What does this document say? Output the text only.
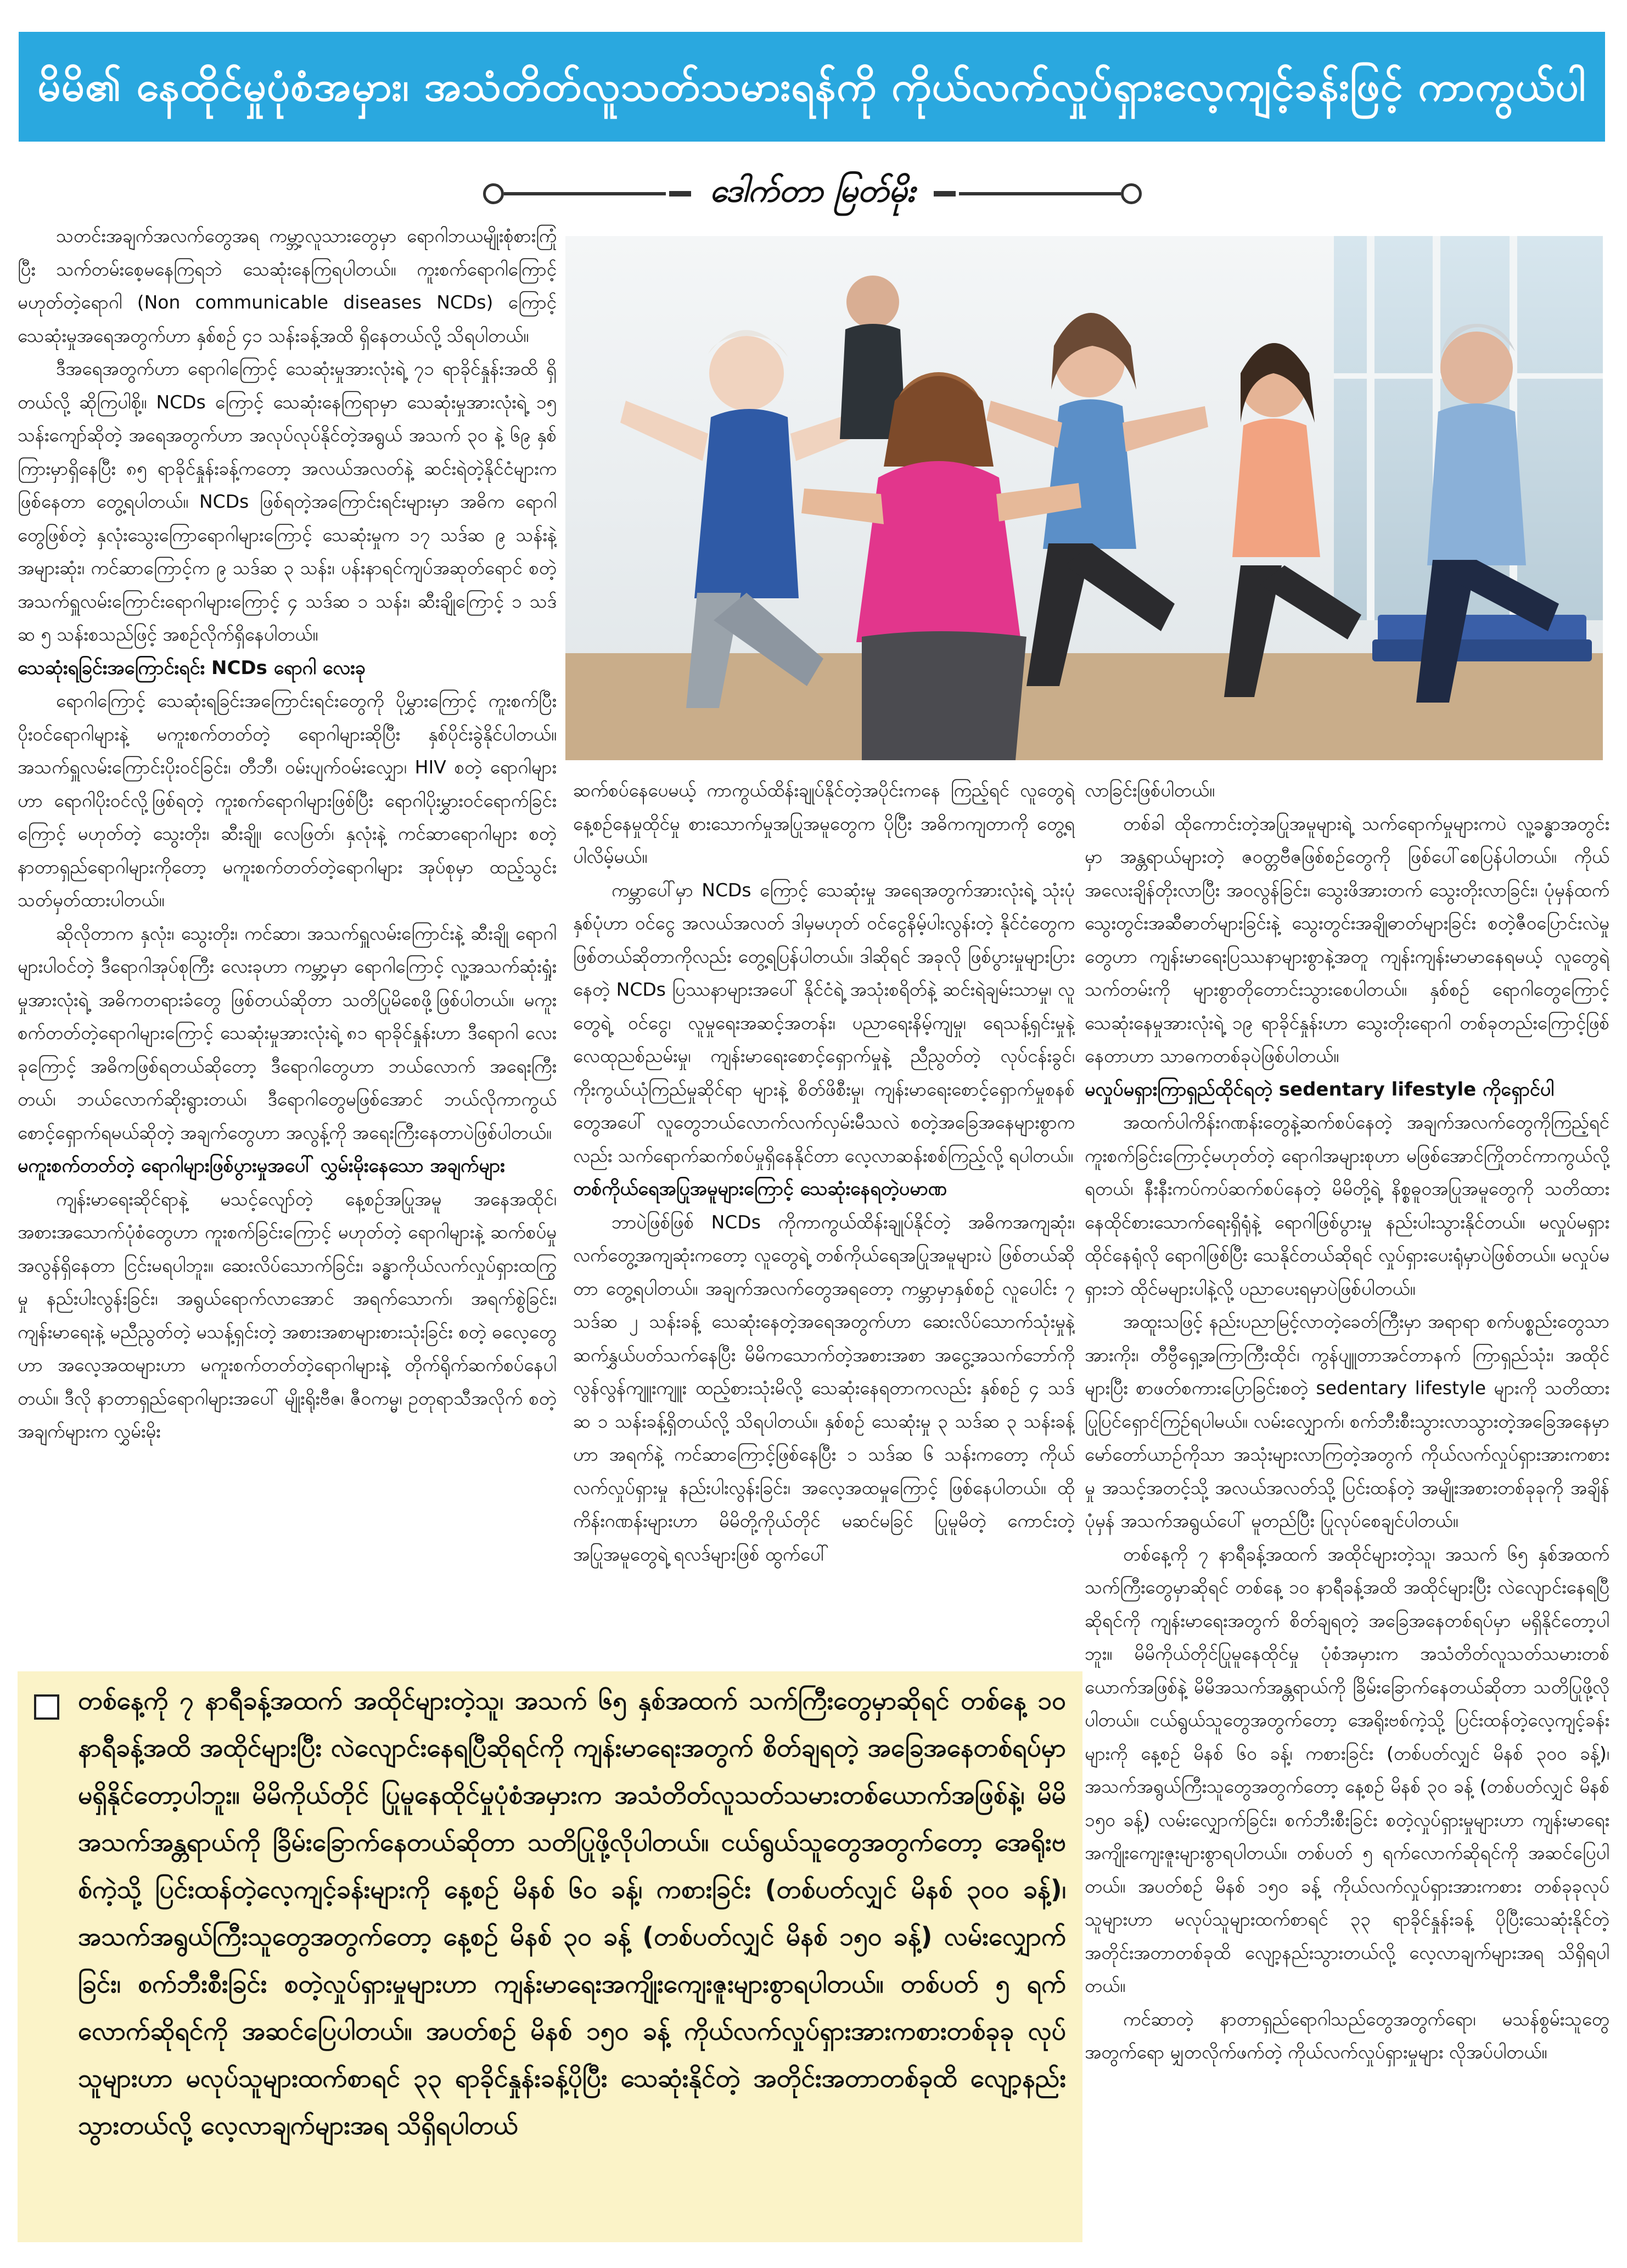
မိမိ၏ နေထိုင်မှုပုံစံအမှား၊ အသံတိတ်လူသတ်သမားရန်ကို ကိုယ်လက်လှုပ်ရှားလေ့ကျင့်ခန်းဖြင့် ကာကွယ်ပါ
ဒေါက်တာ မြတ်မိုး

သတင်းအချက်အလက်တွေအရ ကမ္ဘာ့လူသားတွေမှာ ရောဂါဘယမျိုးစုံစားကြုံပြီး သက်တမ်းစေ့မနေကြရဘဲ သေဆုံးနေကြရပါတယ်။ ကူးစက်ရောဂါကြောင့် မဟုတ်တဲ့ရောဂါ (Non communicable diseases NCDs) ကြောင့် သေဆုံးမှုအရေအတွက်ဟာ နှစ်စဉ် ၄၁ သန်းခန့်အထိ ရှိနေတယ်လို့ သိရပါတယ်။

ဒီအရေအတွက်ဟာ ရောဂါကြောင့် သေဆုံးမှုအားလုံးရဲ့ ၇၁ ရာခိုင်နှုန်းအထိ ရှိတယ်လို့ ဆိုကြပါစို့။ NCDs ကြောင့် သေဆုံးနေကြရာမှာ သေဆုံးမှုအားလုံးရဲ့ ၁၅ သန်းကျော်ဆိုတဲ့ အရေအတွက်ဟာ အလုပ်လုပ်နိုင်တဲ့အရွယ် အသက် ၃၀ နဲ့ ၆၉ နှစ်ကြားမှာရှိနေပြီး ၈၅ ရာခိုင်နှုန်းခန့်ကတော့ အလယ်အလတ်နဲ့ ဆင်းရဲတဲ့နိုင်ငံများက ဖြစ်နေတာ တွေ့ရပါတယ်။ NCDs ဖြစ်ရတဲ့အကြောင်းရင်းများမှာ အဓိက ရောဂါတွေဖြစ်တဲ့ နှလုံးသွေးကြောရောဂါများကြောင့် သေဆုံးမှုက ၁၇ သဒ်ဆ ၉ သန်းနဲ့အများဆုံး၊ ကင်ဆာကြောင့်က ၉ သဒ်ဆ ၃ သန်း၊ ပန်းနာရင်ကျပ်အဆုတ်ရောင် စတဲ့အသက်ရှူလမ်းကြောင်းရောဂါများကြောင့် ၄ သဒ်ဆ ၁ သန်း၊ ဆီးချိုကြောင့် ၁ သဒ်ဆ ၅ သန်းစသည်ဖြင့် အစဉ်လိုက်ရှိနေပါတယ်။

သေဆုံးရခြင်းအကြောင်းရင်း NCDs ရောဂါ လေးခု

ရောဂါကြောင့် သေဆုံးရခြင်းအကြောင်းရင်းတွေကို ပိုမွှားကြောင့် ကူးစက်ပြီး ပိုးဝင်ရောဂါများနဲ့ မကူးစက်တတ်တဲ့ ရောဂါများဆိုပြီး နှစ်ပိုင်းခွဲနိုင်ပါတယ်။ အသက်ရှူလမ်းကြောင်းပိုးဝင်ခြင်း၊ တီဘီ၊ ဝမ်းပျက်ဝမ်းလျှော၊ HIV စတဲ့ ရောဂါများဟာ ရောဂါပိုးဝင်လို့ဖြစ်ရတဲ့ ကူးစက်ရောဂါများဖြစ်ပြီး ရောဂါပိုးမွှားဝင်ရောက်ခြင်းကြောင့် မဟုတ်တဲ့ သွေးတိုး၊ ဆီးချို၊ လေဖြတ်၊ နှလုံးနဲ့ ကင်ဆာရောဂါများ စတဲ့ နာတာရှည်ရောဂါများကိုတော့ မကူးစက်တတ်တဲ့ရောဂါများ အုပ်စုမှာ ထည့်သွင်းသတ်မှတ်ထားပါတယ်။

ဆိုလိုတာက နှလုံး၊ သွေးတိုး၊ ကင်ဆာ၊ အသက်ရှူလမ်းကြောင်းနဲ့ ဆီးချို ရောဂါများပါဝင်တဲ့ ဒီရောဂါအုပ်စုကြီး လေးခုဟာ ကမ္ဘာ့မှာ ရောဂါကြောင့် လူ့အသက်ဆုံးရှုံးမှုအားလုံးရဲ့ အဓိကတရားခံတွေ ဖြစ်တယ်ဆိုတာ သတိပြုမိစေဖို့ဖြစ်ပါတယ်။ မကူးစက်တတ်တဲ့ရောဂါများကြောင့် သေဆုံးမှုအားလုံးရဲ့ ၈၁ ရာခိုင်နှုန်းဟာ ဒီရောဂါ လေးခုကြောင့် အဓိကဖြစ်ရတယ်ဆိုတော့ ဒီရောဂါတွေဟာ ဘယ်လောက် အရေးကြီးတယ်၊ ဘယ်လောက်ဆိုးရွားတယ်၊ ဒီရောဂါတွေမဖြစ်အောင် ဘယ်လိုကာကွယ်စောင့်ရှောက်ရမယ်ဆိုတဲ့ အချက်တွေဟာ အလွန့်ကို အရေးကြီးနေတာပဲဖြစ်ပါတယ်။

မကူးစက်တတ်တဲ့ ရောဂါများဖြစ်ပွားမှုအပေါ် လွှမ်းမိုးနေသော အချက်များ

ကျန်းမာရေးဆိုင်ရာနဲ့ မသင့်လျော်တဲ့ နေ့စဉ်အပြုအမူ အနေအထိုင်၊ အစားအသောက်ပုံစံတွေဟာ ကူးစက်ခြင်းကြောင့် မဟုတ်တဲ့ ရောဂါများနဲ့ ဆက်စပ်မှုအလွန်ရှိနေတာ ငြင်းမရပါဘူး။ ဆေးလိပ်သောက်ခြင်း၊ ခန္ဓာကိုယ်လက်လှုပ်ရှားထကြွမှု နည်းပါးလွန်းခြင်း၊ အရွယ်ရောက်လာအောင် အရက်သောက်၊ အရက်စွဲခြင်း၊ ကျန်းမာရေးနဲ့ မညီညွတ်တဲ့ မသန့်ရှင်းတဲ့ အစားအစာများစားသုံးခြင်း စတဲ့ ဓလေ့တွေဟာ အလေ့အထများဟာ မကူးစက်တတ်တဲ့ရောဂါများနဲ့ တိုက်ရိုက်ဆက်စပ်နေပါတယ်။ ဒီလို နာတာရှည်ရောဂါများအပေါ် မျိုးရိုးဗီဇ၊ ဇီဝကမ္မ၊ ဥတုရာသီအလိုက် စတဲ့အချက်များက လွှမ်းမိုး

ဆက်စပ်နေပေမယ့် ကာကွယ်ထိန်းချုပ်နိုင်တဲ့အပိုင်းကနေ ကြည့်ရင် လူတွေရဲ့ နေ့စဉ်နေမှုထိုင်မှု စားသောက်မှုအပြုအမူတွေက ပိုပြီး အဓိကကျတာကို တွေ့ရပါလိမ့်မယ်။

ကမ္ဘာပေါ်မှာ NCDs ကြောင့် သေဆုံးမှု အရေအတွက်အားလုံးရဲ့ သုံးပုံနှစ်ပုံဟာ ဝင်ငွေ အလယ်အလတ် ဒါမှမဟုတ် ဝင်ငွေနိမ့်ပါးလွန်းတဲ့ နိုင်ငံတွေက ဖြစ်တယ်ဆိုတာကိုလည်း တွေ့ရပြန်ပါတယ်။ ဒါဆိုရင် အခုလို ဖြစ်ပွားမှုများပြားနေတဲ့ NCDs ပြဿနာများအပေါ် နိုင်ငံရဲ့ အသုံးစရိတ်နဲ့ ဆင်းရဲချမ်းသာမှု၊ လူတွေရဲ့ ဝင်ငွေ၊ လူမှုရေးအဆင့်အတန်း၊ ပညာရေးနိမ့်ကျမှု၊ ရေသန့်ရှင်းမှုနဲ့ လေထုညစ်ညမ်းမှု၊ ကျန်းမာရေးစောင့်ရှောက်မှုနဲ့ ညီညွတ်တဲ့ လုပ်ငန်းခွင်၊ ကိုးကွယ်ယုံကြည်မှုဆိုင်ရာ များနဲ့ စိတ်ဖိစီးမှု၊ ကျန်းမာရေးစောင့်ရှောက်မှုစနစ်တွေအပေါ် လူတွေဘယ်လောက်လက်လှမ်းမီသလဲ စတဲ့အခြေအနေများစွာကလည်း သက်ရောက်ဆက်စပ်မှုရှိနေနိုင်တာ လေ့လာဆန်းစစ်ကြည့်လို့ ရပါတယ်။

တစ်ကိုယ်ရေအပြုအမူများကြောင့် သေဆုံးနေရတဲ့ပမာဏ

ဘာပဲဖြစ်ဖြစ် NCDs ကိုကာကွယ်ထိန်းချုပ်နိုင်တဲ့ အဓိကအကျဆုံး၊ လက်တွေ့အကျဆုံးကတော့ လူတွေရဲ့ တစ်ကိုယ်ရေအပြုအမူများပဲ ဖြစ်တယ်ဆိုတာ တွေ့ရပါတယ်။ အချက်အလက်တွေအရတော့ ကမ္ဘာမှာနှစ်စဉ် လူပေါင်း ၇ သဒ်ဆ ၂ သန်းခန့် သေဆုံးနေတဲ့အရေအတွက်ဟာ ဆေးလိပ်သောက်သုံးမှုနဲ့ ဆက်နွှယ်ပတ်သက်နေပြီး မိမိကသောက်တဲ့အစားအစာ အငွေ့အသက်ဘော်ကို လွန်လွန်ကျူးကျူး ထည့်စားသုံးမိလို့ သေဆုံးနေရတာကလည်း နှစ်စဉ် ၄ သဒ်ဆ ၁ သန်းခန့်ရှိတယ်လို့ သိရပါတယ်။ နှစ်စဉ် သေဆုံးမှု ၃ သဒ်ဆ ၃ သန်းခန့်ဟာ အရက်နဲ့ ကင်ဆာကြောင့်ဖြစ်နေပြီး ၁ သဒ်ဆ ၆ သန်းကတော့ ကိုယ်လက်လှုပ်ရှားမှု နည်းပါးလွန်းခြင်း၊ အလေ့အထမှုကြောင့် ဖြစ်နေပါတယ်။ ထိုကိန်းဂဏန်းများဟာ မိမိတို့ကိုယ်တိုင် မဆင်မခြင် ပြုမူမိတဲ့ ကောင်းတဲ့ အပြုအမူတွေရဲ့ ရလဒ်များဖြစ် ထွက်ပေါ်

လာခြင်းဖြစ်ပါတယ်။

တစ်ခါ ထိုကောင်းတဲ့အပြုအမူများရဲ့ သက်ရောက်မှုများကပဲ လူ့ခန္ဓာအတွင်းမှာ အန္တရာယ်များတဲ့ ဇဝတ္တဗီဇဖြစ်စဉ်တွေကို ဖြစ်ပေါ်စေပြန်ပါတယ်။ ကိုယ်အလေးချိန်တိုးလာပြီး အဝလွန်ခြင်း၊ သွေးဖိအားတက် သွေးတိုးလာခြင်း၊ ပုံမှန်ထက် သွေးတွင်းအဆီဓာတ်များခြင်းနဲ့ သွေးတွင်းအချိုဓာတ်များခြင်း စတဲ့ဇီဝပြောင်းလဲမှုတွေဟာ ကျန်းမာရေးပြဿနာများစွာနဲ့အတူ ကျန်းကျန်းမာမာနေရမယ့် လူတွေရဲ့ သက်တမ်းကို များစွာတိုတောင်းသွားစေပါတယ်။ နှစ်စဉ် ရောဂါတွေကြောင့် သေဆုံးနေမှုအားလုံးရဲ့ ၁၉ ရာခိုင်နှုန်းဟာ သွေးတိုးရောဂါ တစ်ခုတည်းကြောင့်ဖြစ်နေတာဟာ သာဓကတစ်ခုပဲဖြစ်ပါတယ်။

မလှုပ်မရှားကြာရှည်ထိုင်ရတဲ့ sedentary lifestyle ကိုရှောင်ပါ

အထက်ပါကိန်းဂဏန်းတွေနဲ့ဆက်စပ်နေတဲ့ အချက်အလက်တွေကိုကြည့်ရင် ကူးစက်ခြင်းကြောင့်မဟုတ်တဲ့ ရောဂါအများစုဟာ မဖြစ်အောင်ကြိုတင်ကာကွယ်လို့ရတယ်၊ နီးနီးကပ်ကပ်ဆက်စပ်နေတဲ့ မိမိတို့ရဲ့ နိစ္စဓူဝအပြုအမူတွေကို သတိထားနေထိုင်စားသောက်ရေးရှိရုံနဲ့ ရောဂါဖြစ်ပွားမှု နည်းပါးသွားနိုင်တယ်။ မလှုပ်မရှားထိုင်နေရုံလို ရောဂါဖြစ်ပြီး သေနိုင်တယ်ဆိုရင် လှုပ်ရှားပေးရုံမှာပဲဖြစ်တယ်။ မလှုပ်မရှားဘဲ ထိုင်မများပါနဲ့လို့ ပညာပေးရမှာပဲဖြစ်ပါတယ်။

အထူးသဖြင့် နည်းပညာမြင့်လာတဲ့ခေတ်ကြီးမှာ အရာရာ စက်ပစ္စည်းတွေသာအားကိုး၊ တီဗွီရှေ့အကြာကြီးထိုင်၊ ကွန်ပျူတာအင်တာနက် ကြာရှည်သုံး၊ အထိုင်များပြီး စာဖတ်စကားပြောခြင်းစတဲ့ sedentary lifestyle များကို သတိထားပြုပြင်ရှောင်ကြဉ်ရပါမယ်။ လမ်းလျှောက်၊ စက်ဘီးစီးသွားလာသွားတဲ့အခြေအနေမှာ မော်တော်ယာဉ်ကိုသာ အသုံးများလာကြတဲ့အတွက် ကိုယ်လက်လှုပ်ရှားအားကစားမှု အသင့်အတင့်သို့ အလယ်အလတ်သို့ ပြင်းထန်တဲ့ အမျိုးအစားတစ်ခုခုကို အချိန်ပုံမှန် အသက်အရွယ်ပေါ် မူတည်ပြီး ပြုလုပ်စေချင်ပါတယ်။

တစ်နေ့ကို ၇ နာရီခန့်အထက် အထိုင်များတဲ့သူ၊ အသက် ၆၅ နှစ်အထက် သက်ကြီးတွေမှာဆိုရင် တစ်နေ့ ၁၀ နာရီခန့်အထိ အထိုင်များပြီး လဲလျောင်းနေရပြီဆိုရင်ကို ကျန်းမာရေးအတွက် စိတ်ချရတဲ့ အခြေအနေတစ်ရပ်မှာ မရှိနိုင်တော့ပါဘူး။ မိမိကိုယ်တိုင်ပြုမူနေထိုင်မှု ပုံစံအမှားက အသံတိတ်လူသတ်သမားတစ်ယောက်အဖြစ်နဲ့ မိမိအသက်အန္တရာယ်ကို ခြိမ်းခြောက်နေတယ်ဆိုတာ သတိပြုဖို့လိုပါတယ်။ ငယ်ရွယ်သူတွေအတွက်တော့ အေရိုးဗစ်ကဲ့သို့ ပြင်းထန်တဲ့လေ့ကျင့်ခန်းများကို နေ့စဉ် မိနစ် ၆၀ ခန့်၊ ကစားခြင်း (တစ်ပတ်လျှင် မိနစ် ၃၀၀ ခန့်)၊ အသက်အရွယ်ကြီးသူတွေအတွက်တော့ နေ့စဉ် မိနစ် ၃၀ ခန့် (တစ်ပတ်လျှင် မိနစ် ၁၅၀ ခန့်) လမ်းလျှောက်ခြင်း၊ စက်ဘီးစီးခြင်း စတဲ့လှုပ်ရှားမှုများဟာ ကျန်းမာရေးအကျိုးကျေးဇူးများစွာရပါတယ်။ တစ်ပတ် ၅ ရက်လောက်ဆိုရင်ကို အဆင်ပြေပါတယ်။ အပတ်စဉ် မိနစ် ၁၅၀ ခန့် ကိုယ်လက်လှုပ်ရှားအားကစား တစ်ခုခုလုပ်သူများဟာ မလုပ်သူများထက်စာရင် ၃၃ ရာခိုင်နှုန်းခန့် ပိုပြီးသေဆုံးနိုင်တဲ့ အတိုင်းအတာတစ်ခုထိ လျော့နည်းသွားတယ်လို့ လေ့လာချက်များအရ သိရှိရပါတယ်။

ကင်ဆာတဲ့ နာတာရှည်ရောဂါသည်တွေအတွက်ရော၊ မသန်စွမ်းသူတွေအတွက်ရော မျှတလိုက်ဖက်တဲ့ ကိုယ်လက်လှုပ်ရှားမှုများ လိုအပ်ပါတယ်။

တစ်နေ့ကို ၇ နာရီခန့်အထက် အထိုင်များတဲ့သူ၊ အသက် ၆၅ နှစ်အထက် သက်ကြီးတွေမှာဆိုရင် တစ်နေ့ ၁၀ နာရီခန့်အထိ အထိုင်များပြီး လဲလျောင်းနေရပြီဆိုရင်ကို ကျန်းမာရေးအတွက် စိတ်ချရတဲ့ အခြေအနေတစ်ရပ်မှာ မရှိနိုင်တော့ပါဘူး။ မိမိကိုယ်တိုင် ပြုမူနေထိုင်မှုပုံစံအမှားက အသံတိတ်လူသတ်သမားတစ်ယောက်အဖြစ်နဲ့၊ မိမိအသက်အန္တရာယ်ကို ခြိမ်းခြောက်နေတယ်ဆိုတာ သတိပြုဖို့လိုပါတယ်။ ငယ်ရွယ်သူတွေအတွက်တော့ အေရိုးဗစ်ကဲ့သို့ ပြင်းထန်တဲ့လေ့ကျင့်ခန်းများကို နေ့စဉ် မိနစ် ၆၀ ခန့်၊ ကစားခြင်း (တစ်ပတ်လျှင် မိနစ် ၃၀၀ ခန့်)၊ အသက်အရွယ်ကြီးသူတွေအတွက်တော့ နေ့စဉ် မိနစ် ၃၀ ခန့် (တစ်ပတ်လျှင် မိနစ် ၁၅၀ ခန့်) လမ်းလျှောက်ခြင်း၊ စက်ဘီးစီးခြင်း စတဲ့လှုပ်ရှားမှုများဟာ ကျန်းမာရေးအကျိုးကျေးဇူးများစွာရပါတယ်။ တစ်ပတ် ၅ ရက်လောက်ဆိုရင်ကို အဆင်ပြေပါတယ်။ အပတ်စဉ် မိနစ် ၁၅၀ ခန့် ကိုယ်လက်လှုပ်ရှားအားကစားတစ်ခုခု လုပ်သူများဟာ မလုပ်သူများထက်စာရင် ၃၃ ရာခိုင်နှုန်းခန့်ပိုပြီး သေဆုံးနိုင်တဲ့ အတိုင်းအတာတစ်ခုထိ လျော့နည်းသွားတယ်လို့ လေ့လာချက်များအရ သိရှိရပါတယ်
